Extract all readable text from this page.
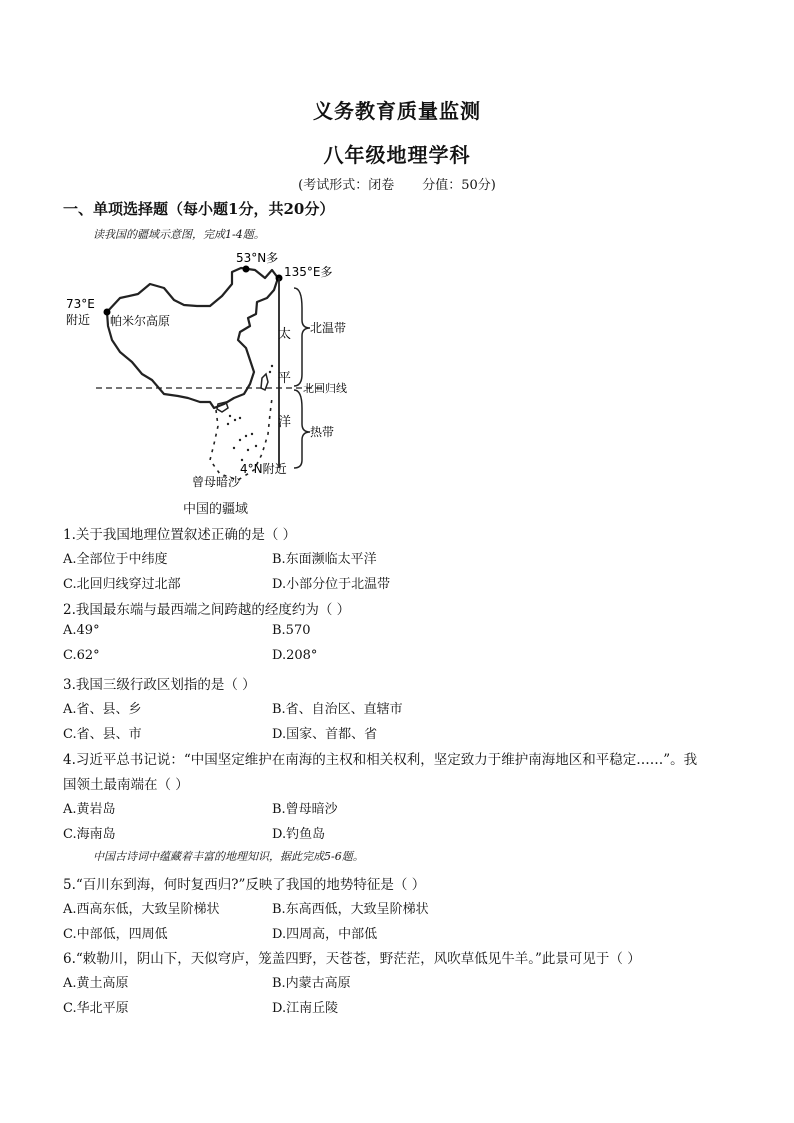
义务教育质量监测
八年级地理学科
(考试形式：闭卷 分值：50分)
一、单项选择题（每小题1分，共20分）
读我国的疆域示意图，完成1-4题。
53°N多
135°E多
73°E
附近 帕米尔高原
太
平
洋
北温带
北回归线
热带
4°N附近
曾母暗沙
中国的疆域
1.关于我国地理位置叙述正确的是（ ）
A.全部位于中纬度	B.东面濒临太平洋
C.北回归线穿过北部	D.小部分位于北温带
2.我国最东端与最西端之间跨越的经度约为（ ）
A.49°	B.570
C.62°	D.208°
3.我国三级行政区划指的是（ ）
A.省、县、乡	B.省、自治区、直辖市
C.省、县、市	D.国家、首都、省
4.习近平总书记说：“中国坚定维护在南海的主权和相关权利，坚定致力于维护南海地区和平稳定……”。我
国领土最南端在（ ）
A.黄岩岛	B.曾母暗沙
C.海南岛	D.钓鱼岛
中国古诗词中蕴藏着丰富的地理知识，据此完成5-6题。
5.“百川东到海，何时复西归?”反映了我国的地势特征是（ ）
A.西高东低，大致呈阶梯状	B.东高西低，大致呈阶梯状
C.中部低，四周低	D.四周高，中部低
6.“敕勒川，阴山下，天似穹庐，笼盖四野，天苍苍，野茫茫，风吹草低见牛羊。”此景可见于（ ）
A.黄土高原	B.内蒙古高原
C.华北平原	D.江南丘陵
